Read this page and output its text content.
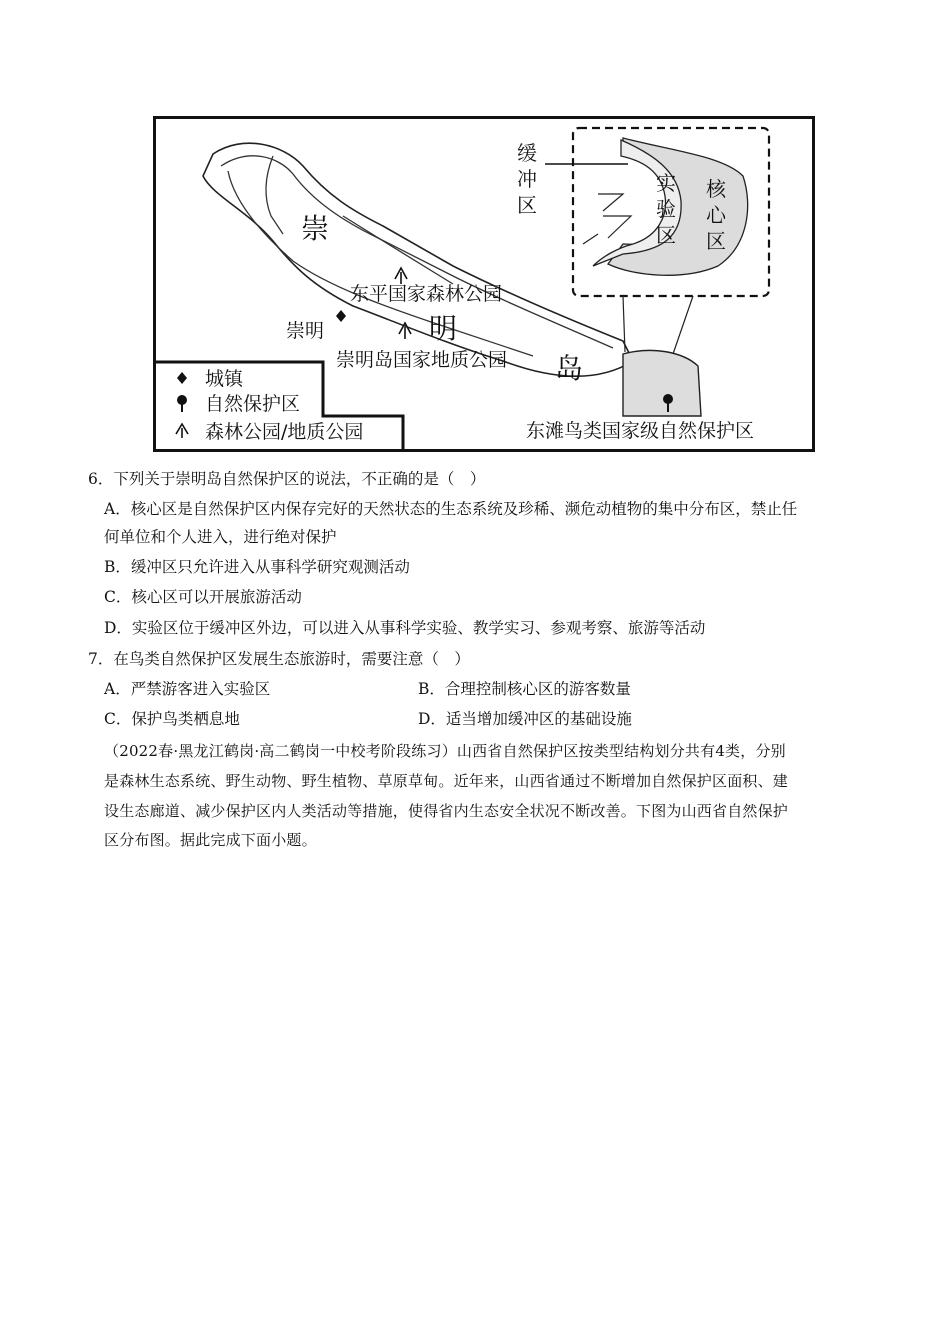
崇
明
岛
东平国家森林公园
崇明
崇明岛国家地质公园
东滩鸟类国家级自然保护区
缓
冲
区
实
验
区
核
心
区
城镇
自然保护区
森林公园/地质公园
6．下列关于崇明岛自然保护区的说法，不正确的是（　）
A．核心区是自然保护区内保存完好的天然状态的生态系统及珍稀、濒危动植物的集中分布区，禁止任
何单位和个人进入，进行绝对保护
B．缓冲区只允许进入从事科学研究观测活动
C．核心区可以开展旅游活动
D．实验区位于缓冲区外边，可以进入从事科学实验、教学实习、参观考察、旅游等活动
7．在鸟类自然保护区发展生态旅游时，需要注意（　）
A．严禁游客进入实验区	B．合理控制核心区的游客数量
C．保护鸟类栖息地	D．适当增加缓冲区的基础设施
（2022春·黑龙江鹤岗·高二鹤岗一中校考阶段练习）山西省自然保护区按类型结构划分共有4类，分别
是森林生态系统、野生动物、野生植物、草原草甸。近年来，山西省通过不断增加自然保护区面积、建
设生态廊道、减少保护区内人类活动等措施，使得省内生态安全状况不断改善。下图为山西省自然保护
区分布图。据此完成下面小题。
